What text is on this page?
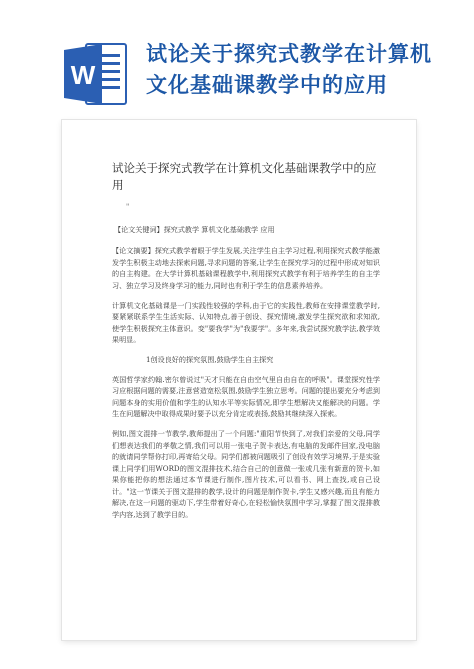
W
试论关于探究式教学在计算机
文化基础课教学中的应用
试论关于探究式教学在计算机文化基础课教学中的应用
"
【论文关键词】探究式教学 算机文化基础教学 应用
【论文摘要】探究式教学着眼于学生发展,关注学生自主学习过程,利用探究式教学能激发学生积极主动地去探索问题,寻求问题的答案,让学生在探究学习的过程中形成对知识的自主构建。在大学计算机基础课程教学中,利用探究式教学有利于培养学生的自主学习、独立学习及终身学习的能力,同时也有利于学生的信息素养培养。
计算机文化基础课是一门实践性较强的学科,由于它的实践性,教师在安排课堂教学时,要紧紧联系学生生活实际、认知特点,善于创设、探究情境,激发学生探究欲和求知欲,使学生积极探究主体意识。变"要我学"为"我要学"。多年来,我尝试探究教学法,教学效果明显。
1创设良好的探究氛围,鼓励学生自主探究
英国哲学家约翰.密尔曾说过"天才只能在自由空气里自由自在的呼吸"。课堂探究性学习应根据问题的需要,注意营造宽松氛围,鼓励学生独立思考。问题的提出要充分考虑到问题本身的实用价值和学生的认知水平等实际情况,即学生想解决又能解决的问题。学生在问题解决中取得成果时要予以充分肯定或表扬,鼓励其继续深入探索。
例如,图文混排一节教学,教师提出了一个问题:"重阳节快到了,对我们亲爱的父母,同学们想表达我们的孝敬之情,我们可以用一张电子贺卡表达,有电脑的发邮件回家,没电脑的就请同学帮你打印,再寄给父母。同学们都被问题吸引了创设有效学习境界,于是实验课上同学们用WORD的图文混排技术,结合自己的创意做一张或几张有新意的贺卡,如果你能把你的想法通过本节课进行制作,图片技术,可以看书、网上查找,或自己设计。"这一节课关于图文混排的教学,设计的问题是制作贺卡,学生又感兴趣,而且有能力解决,在这一问题的驱动下,学生带着好奇心,在轻松愉快氛围中学习,掌握了图文混排教学内容,达到了教学目的。
